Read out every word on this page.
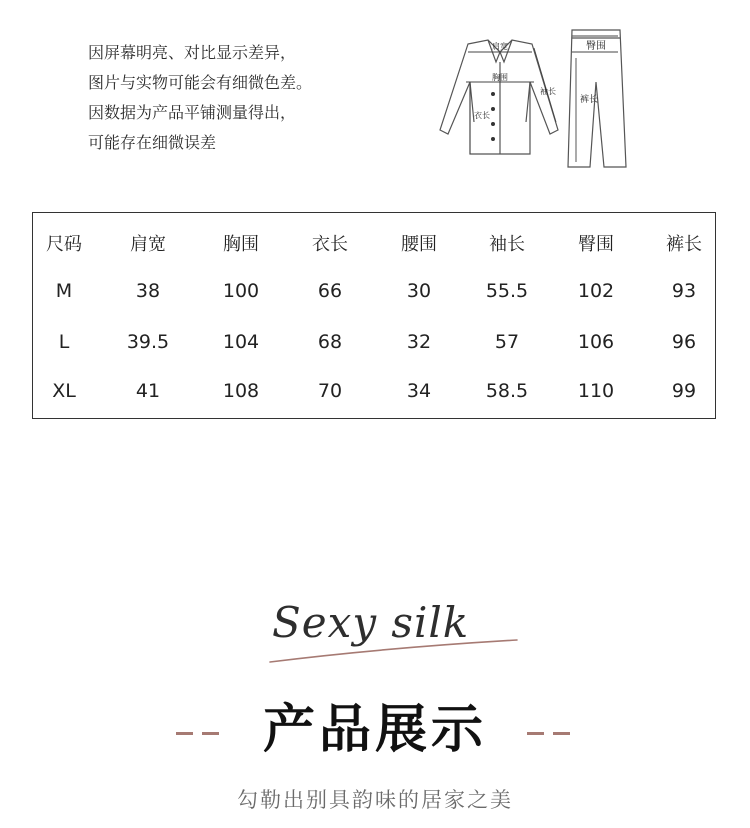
因屏幕明亮、对比显示差异，
图片与实物可能会有细微色差。
因数据为产品平铺测量得出，
可能存在细微误差
肩宽
胸围
衣长
袖长
臀围
裤长
尺码	肩宽	胸围	衣长	腰围	袖长	臀围	裤长
M	38	100	66	30	55.5	102	93
L	39.5	104	68	32	57	106	96
XL	41	108	70	34	58.5	110	99
Sexy silk
产品展示
勾勒出别具韵味的居家之美
